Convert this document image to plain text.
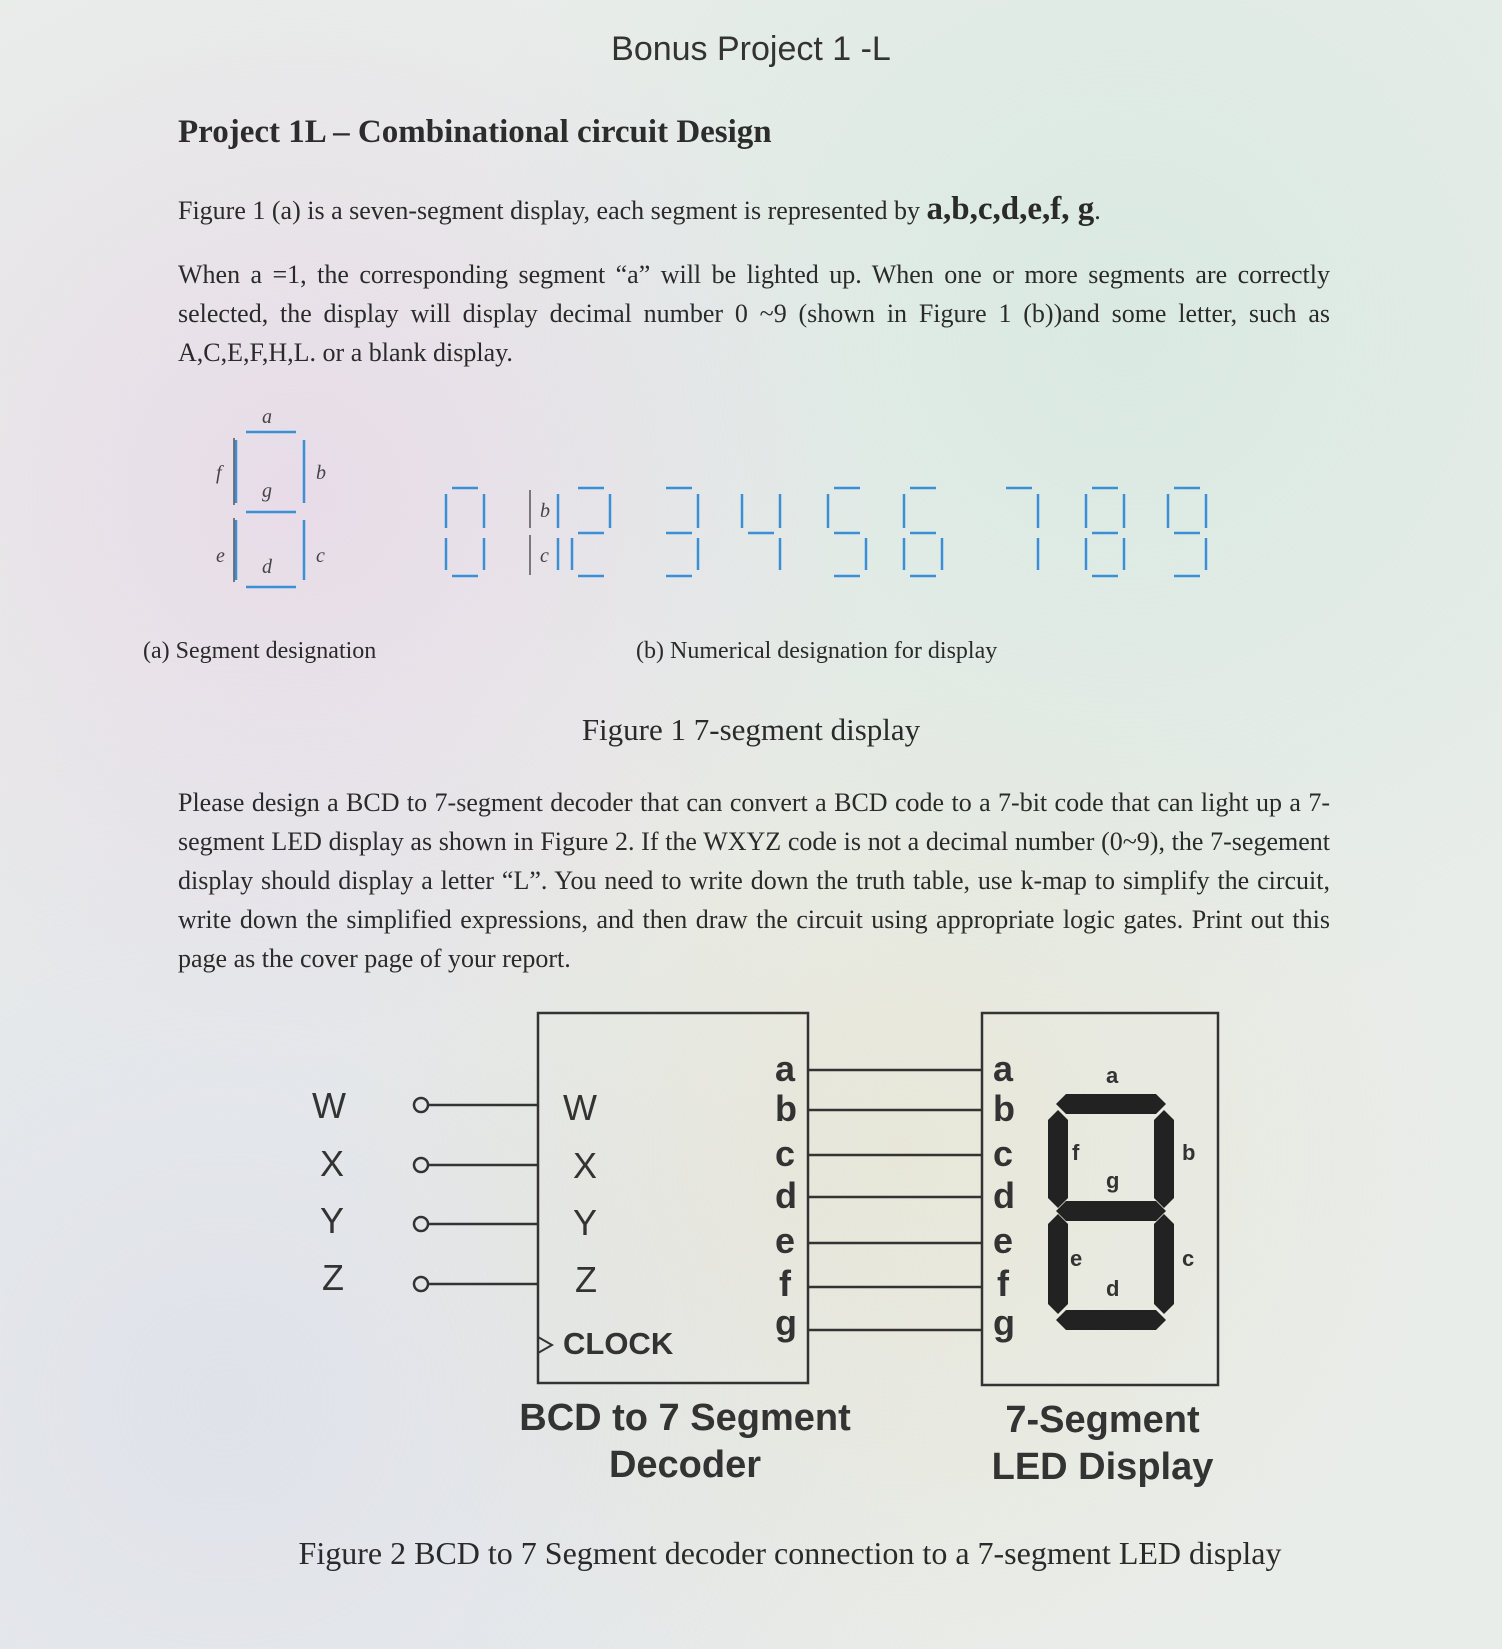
Bonus Project 1 -L
Project 1L – Combinational circuit Design
Figure 1 (a) is a seven-segment display, each segment is represented by a,b,c,d,e,f, g.
When a =1, the corresponding segment “a” will be lighted up. When one or more segments are correctly selected, the display will display decimal number 0 ~9 (shown in Figure 1 (b))and some letter, such as A,C,E,F,H,L. or a blank display.
a
b
c
d
e
f
g
b
c
(a) Segment designation	(b) Numerical designation for display
Figure 1 7-segment display
Please design a BCD to 7-segment decoder that can convert a BCD code to a 7-bit code that can light up a 7-segment LED display as shown in Figure 2. If the WXYZ code is not a decimal number (0~9), the 7-segement display should display a letter “L”. You need to write down the truth table, use k-map to simplify the circuit, write down the simplified expressions, and then draw the circuit using appropriate logic gates. Print out this page as the cover page of your report.
W
X
Y
Z
W
X
Y
Z
CLOCK
a
b
c
d
e
f
g
a
b
c
d
e
f
g
a
b
c
d
e
f
g
BCD to 7 Segment
Decoder
7-Segment
LED Display
Figure 2 BCD to 7 Segment decoder connection to a 7-segment LED display
